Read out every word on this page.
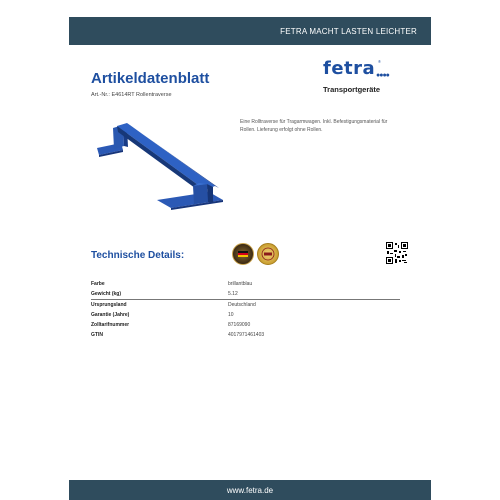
FETRA MACHT LASTEN LEICHTER
Artikeldatenblatt
Art.-Nr.: E4614RT Rollentraverse
fetra ®
●●●●
Transportgeräte
Eine Rolltraverse für Tragarmwagen. Inkl. Befestigungsmaterial für Rollen. Lieferung erfolgt ohne Rollen.
Technische Details:
Farbe	brillantblau
Gewicht (kg)	5.12
Ursprungsland	Deutschland
Garantie (Jahre)	10
Zolltarifnummer	87169090
GTIN	4017971461403
www.fetra.de
